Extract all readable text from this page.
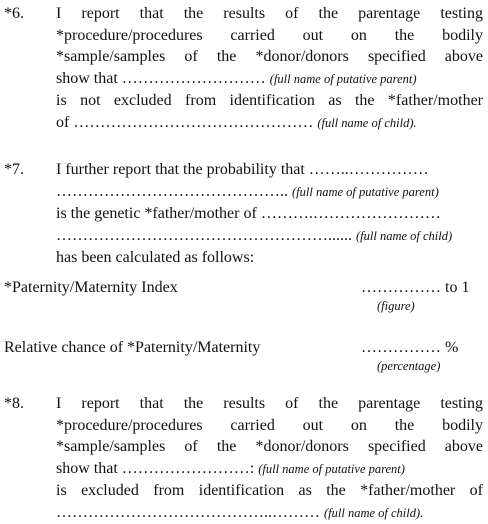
*6. I report that the results of the parentage testing
*procedure/procedures carried out on the bodily
*sample/samples of the *donor/donors specified above
show that ……………………… (full name of putative parent)
is not excluded from identification as the *father/mother
of ……………………………………… (full name of child).
*7. I further report that the probability that ……..……………
…………………………………….. (full name of putative parent)
is the genetic *father/mother of ……….……………………
……………………………………………...... (full name of child)
has been calculated as follows:
*Paternity/Maternity Index	…………… to 1
(figure)
Relative chance of *Paternity/Maternity	…………… %
(percentage)
*8. I report that the results of the parentage testing
*procedure/procedures carried out on the bodily
*sample/samples of the *donor/donors specified above
show that ……………………: (full name of putative parent)
is excluded from identification as the *father/mother of
…………………………………..……… (full name of child).
